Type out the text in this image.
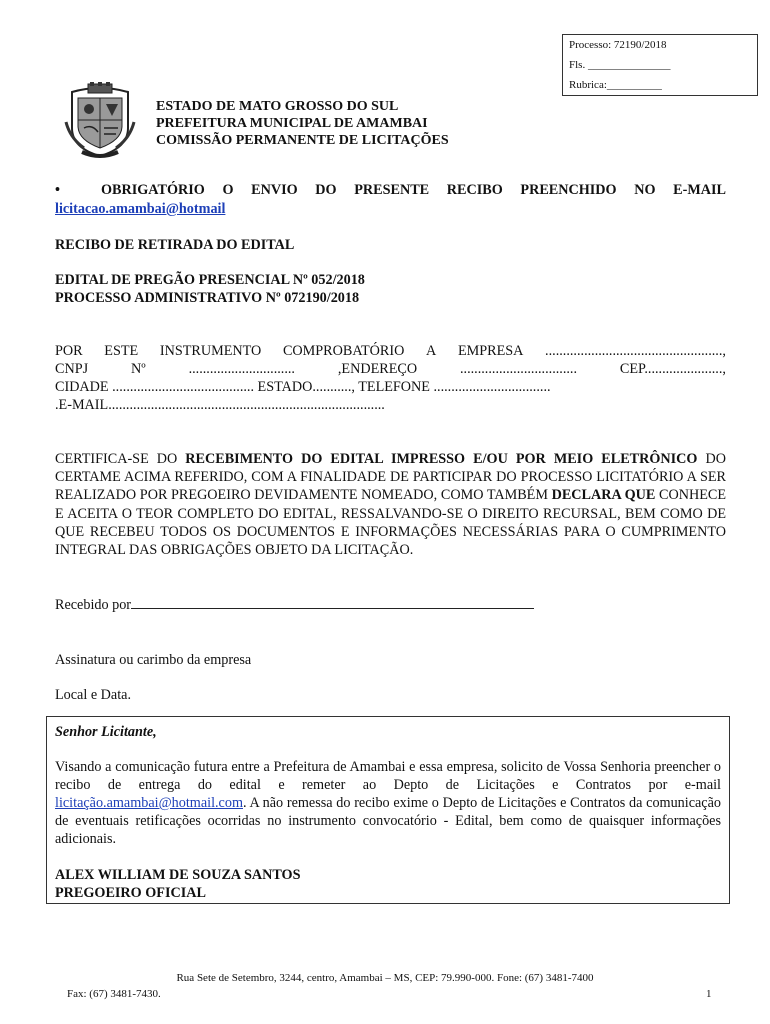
Processo: 72190/2018
Fls. _______________
Rubrica:__________
ESTADO DE MATO GROSSO DO SUL
PREFEITURA MUNICIPAL DE AMAMBAI
COMISSÃO PERMANENTE DE LICITAÇÕES
•	OBRIGATÓRIO O ENVIO DO PRESENTE RECIBO PREENCHIDO NO E-MAIL
licitacao.amambai@hotmail
RECIBO DE RETIRADA DO EDITAL
EDITAL DE PREGÃO PRESENCIAL Nº 052/2018
PROCESSO ADMINISTRATIVO Nº 072190/2018
POR ESTE INSTRUMENTO COMPROBATÓRIO A EMPRESA ..................................................,
CNPJ	Nº	..............................	,ENDEREÇO	.................................	CEP......................,
CIDADE ........................................ ESTADO..........., TELEFONE .................................
.E-MAIL..............................................................................
CERTIFICA-SE DO RECEBIMENTO DO EDITAL IMPRESSO E/OU POR MEIO ELETRÔNICO DO CERTAME ACIMA REFERIDO, COM A FINALIDADE DE PARTICIPAR DO PROCESSO LICITATÓRIO A SER REALIZADO POR PREGOEIRO DEVIDAMENTE NOMEADO, COMO TAMBÉM DECLARA QUE CONHECE E ACEITA O TEOR COMPLETO DO EDITAL, RESSALVANDO-SE O DIREITO RECURSAL, BEM COMO DE QUE RECEBEU TODOS OS DOCUMENTOS E INFORMAÇÕES NECESSÁRIAS PARA O CUMPRIMENTO INTEGRAL DAS OBRIGAÇÕES OBJETO DA LICITAÇÃO.
Recebido por
Assinatura ou carimbo da empresa
Local e Data.
Senhor Licitante,
Visando a comunicação futura entre a Prefeitura de Amambai e essa empresa, solicito de Vossa Senhoria preencher o recibo de entrega do edital e remeter ao Depto de Licitações e Contratos por e-mail licitação.amambai@hotmail.com. A não remessa do recibo exime o Depto de Licitações e Contratos da comunicação de eventuais retificações ocorridas no instrumento convocatório - Edital, bem como de quaisquer informações adicionais.
ALEX WILLIAM DE SOUZA SANTOS
PREGOEIRO OFICIAL
Rua Sete de Setembro, 3244, centro, Amambai – MS, CEP: 79.990-000. Fone: (67) 3481-7400
Fax: (67) 3481-7430.	1
